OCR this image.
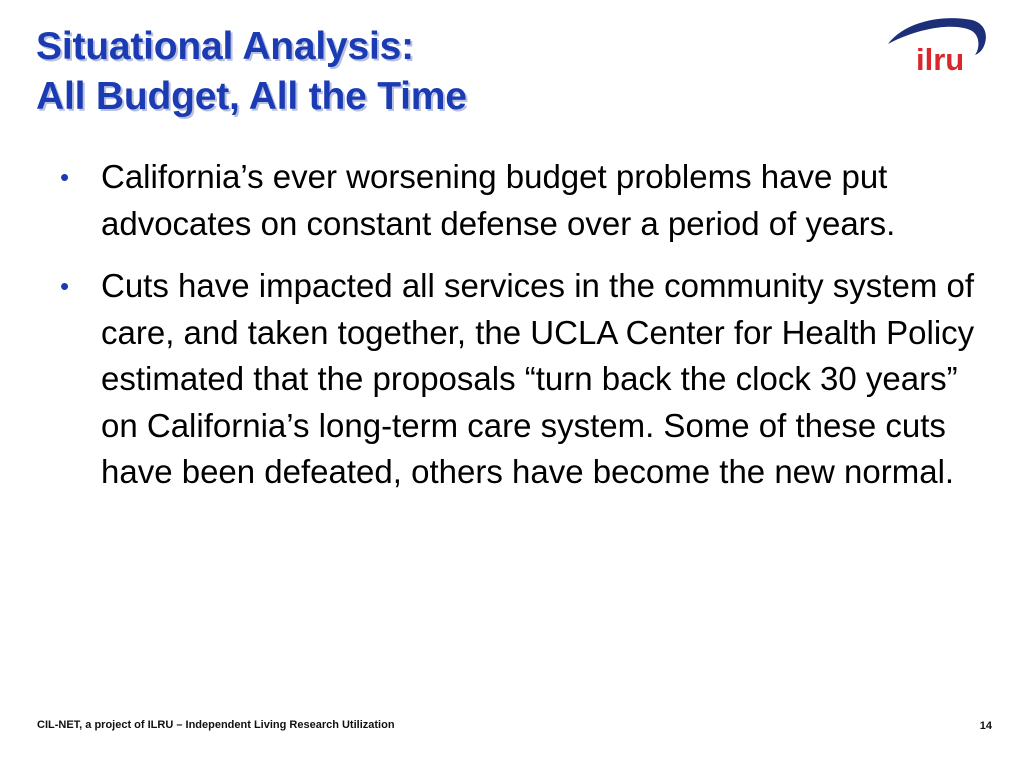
Situational Analysis:
All Budget, All the Time
ilru
• California’s ever worsening budget problems have put advocates on constant defense over a period of years.
• Cuts have impacted all services in the community system of care, and taken together, the UCLA Center for Health Policy estimated that the proposals “turn back the clock 30 years” on California’s long-term care system. Some of these cuts have been defeated, others have become the new normal.
CIL-NET, a project of ILRU – Independent Living Research Utilization	14
